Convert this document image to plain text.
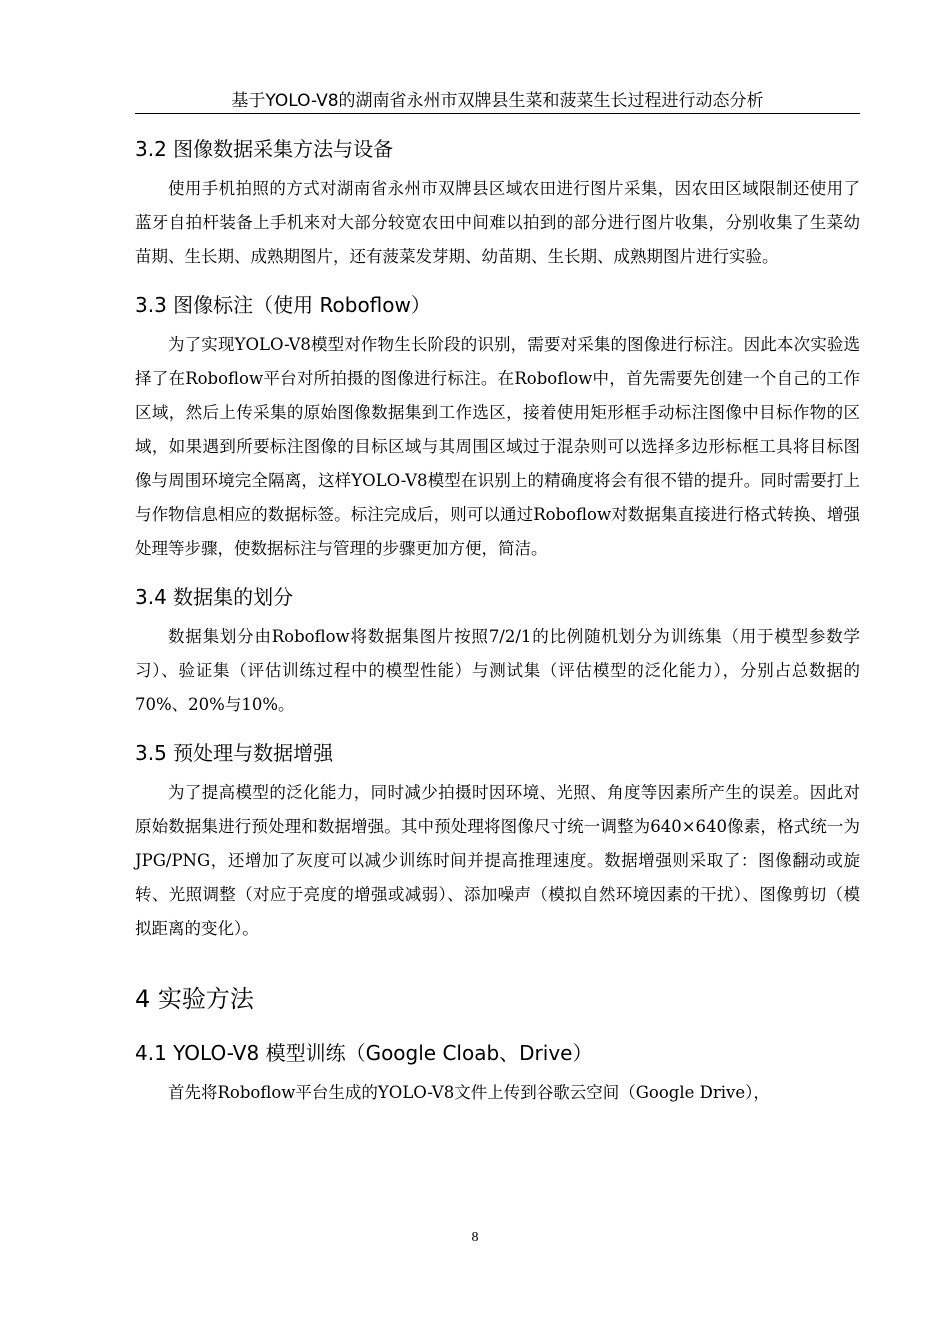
基于YOLO-V8的湖南省永州市双牌县生菜和菠菜生长过程进行动态分析
3.2 图像数据采集方法与设备

使用手机拍照的方式对湖南省永州市双牌县区域农田进行图片采集，因农田区域限制还使用了蓝牙自拍杆装备上手机来对大部分较宽农田中间难以拍到的部分进行图片收集，分别收集了生菜幼苗期、生长期、成熟期图片，还有菠菜发芽期、幼苗期、生长期、成熟期图片进行实验。

3.3 图像标注（使用 Roboflow）

为了实现YOLO-V8模型对作物生长阶段的识别，需要对采集的图像进行标注。因此本次实验选择了在Roboflow平台对所拍摄的图像进行标注。在Roboflow中，首先需要先创建一个自己的工作区域，然后上传采集的原始图像数据集到工作选区，接着使用矩形框手动标注图像中目标作物的区域，如果遇到所要标注图像的目标区域与其周围区域过于混杂则可以选择多边形标框工具将目标图像与周围环境完全隔离，这样YOLO-V8模型在识别上的精确度将会有很不错的提升。同时需要打上与作物信息相应的数据标签。标注完成后，则可以通过Roboflow对数据集直接进行格式转换、增强处理等步骤，使数据标注与管理的步骤更加方便，简洁。

3.4 数据集的划分

数据集划分由Roboflow将数据集图片按照7/2/1的比例随机划分为训练集（用于模型参数学习）、验证集（评估训练过程中的模型性能）与测试集（评估模型的泛化能力），分别占总数据的70%、20%与10%。

3.5 预处理与数据增强

为了提高模型的泛化能力，同时减少拍摄时因环境、光照、角度等因素所产生的误差。因此对原始数据集进行预处理和数据增强。其中预处理将图像尺寸统一调整为640×640像素，格式统一为JPG/PNG，还增加了灰度可以减少训练时间并提高推理速度。数据增强则采取了：图像翻动或旋转、光照调整（对应于亮度的增强或减弱）、添加噪声（模拟自然环境因素的干扰）、图像剪切（模拟距离的变化）。

4 实验方法
4.1 YOLO-V8 模型训练（Google Cloab、Drive）

首先将Roboflow平台生成的YOLO-V8文件上传到谷歌云空间（Google Drive），

8
